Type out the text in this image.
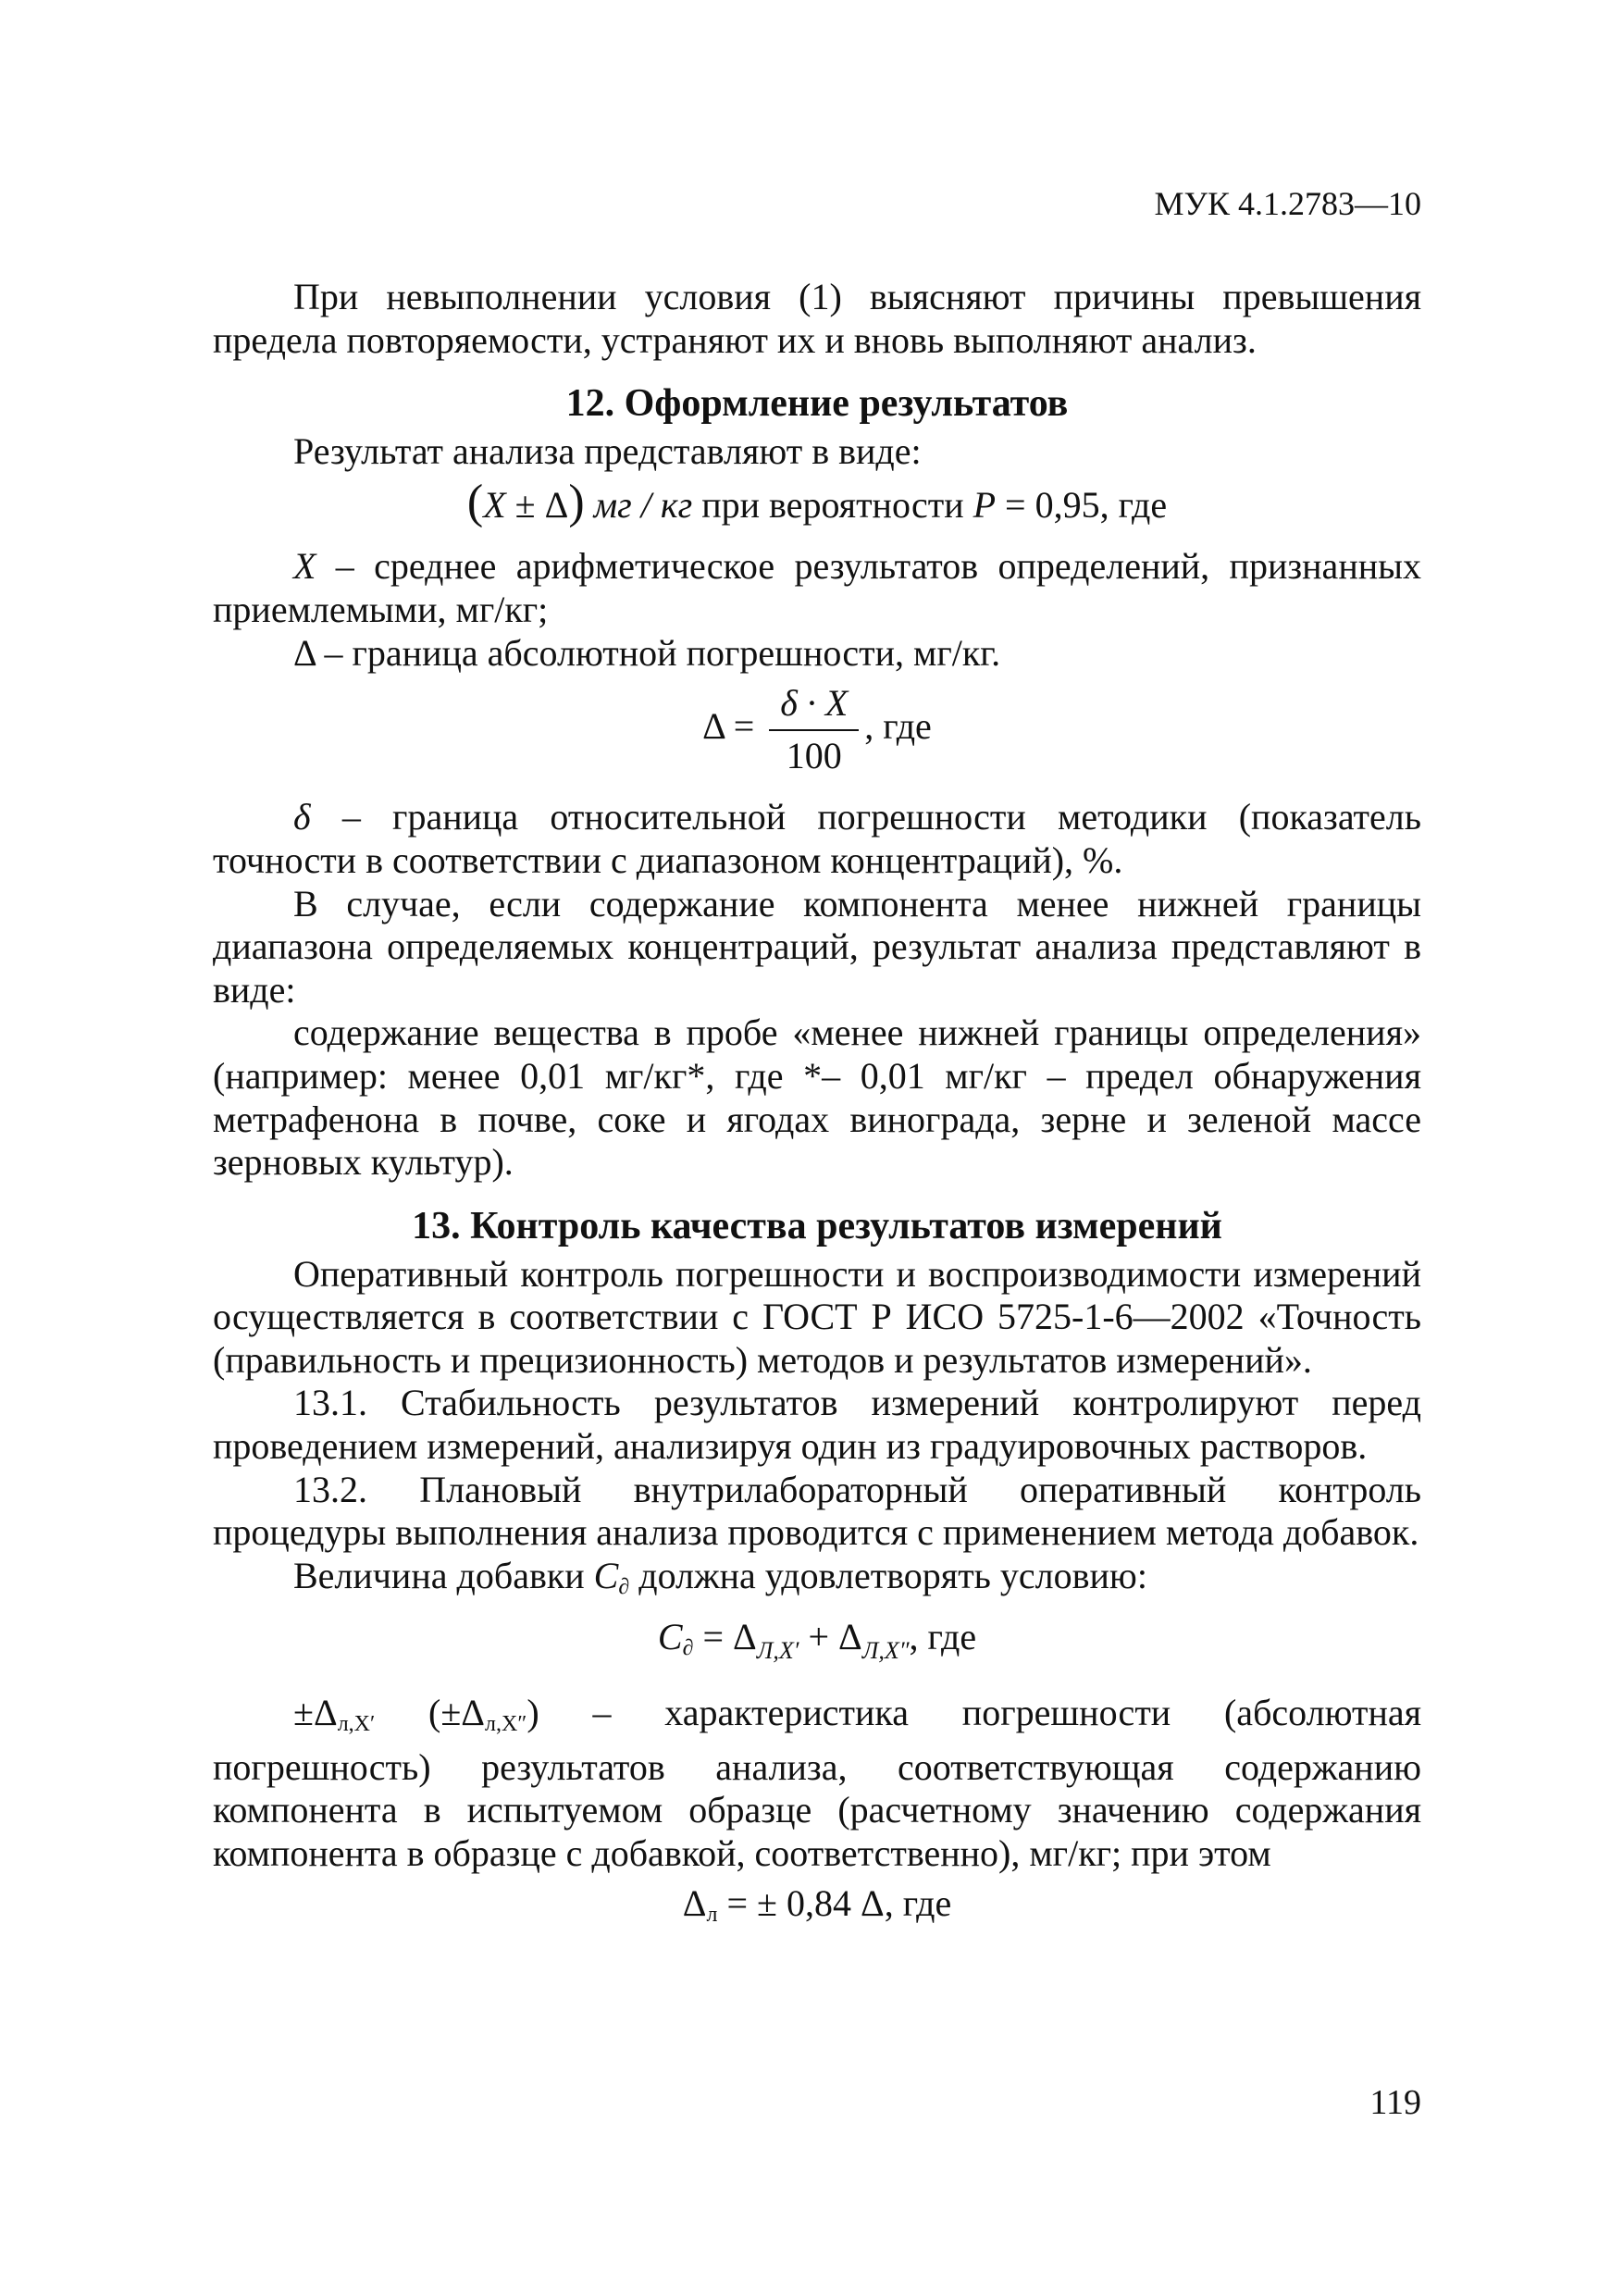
МУК 4.1.2783—10

При невыполнении условия (1) выясняют причины превышения предела повторяемости, устраняют их и вновь выполняют анализ.

12. Оформление результатов

Результат анализа представляют в виде:

(X ± Δ) мг / кг при вероятности P = 0,95, где

X – среднее арифметическое результатов определений, признанных приемлемыми, мг/кг;

Δ – граница абсолютной погрешности, мг/кг.

$\Delta = \frac{\delta \cdot X}{100}$ , где

δ – граница относительной погрешности методики (показатель точности в соответствии с диапазоном концентраций), %.

В случае, если содержание компонента менее нижней границы диапазона определяемых концентраций, результат анализа представляют в виде:

содержание вещества в пробе «менее нижней границы определения» (например: менее 0,01 мг/кг*, где *– 0,01 мг/кг – предел обнаружения метрафенона в почве, соке и ягодах винограда, зерне и зеленой массе зерновых культур).

13. Контроль качества результатов измерений

Оперативный контроль погрешности и воспроизводимости измерений осуществляется в соответствии с ГОСТ Р ИСО 5725-1-6—2002 «Точность (правильность и прецизионность) методов и результатов измерений».

13.1. Стабильность результатов измерений контролируют перед проведением измерений, анализируя один из градуировочных растворов.

13.2. Плановый внутрилабораторный оперативный контроль процедуры выполнения анализа проводится с применением метода добавок.

Величина добавки C∂ должна удовлетворять условию:

$C\partial = \Delta_{Л,X'} + \Delta_{Л,X''}$, где

±Δл,X′ (±Δл,X″) – характеристика погрешности (абсолютная погрешность) результатов анализа, соответствующая содержанию компонента в испытуемом образце (расчетному значению содержания компонента в образце с добавкой, соответственно), мг/кг; при этом

Δл = ± 0,84 Δ, где
119
